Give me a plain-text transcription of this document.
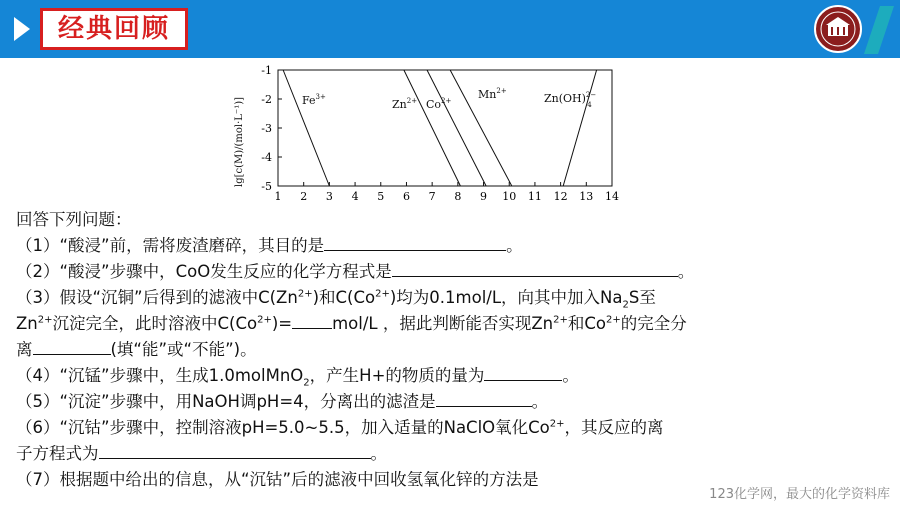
经典回顾
lg[c(M)/(mol·L⁻¹)]
-1
-2
-3
-4
-5
1 2 3 4 5 6 7 8 9 10 11 12 13 14
$Fe^{3+}$
$Zn^{2+}$ $Co^{2+}$ $Mn^{2+}$
Zn(OH)$^{2-}$ 4
回答下列问题：
（1）“酸浸”前，需将废渣磨碎，其目的是	。
（2）“酸浸”步骤中，CoO发生反应的化学方程式是	。
（3）假设“沉铜”后得到的滤液中$C(Zn^{2+})$和$C(Co^{2+})$均为0.1mol/L，向其中加入$Na_2S$至
$Zn^{2+}$沉淀完全，此时溶液中$C(Co^{2+})= mol/L$ ，据此判断能否实现$Zn^{2+}$和$Co^{2+}$的完全分
离	(填“能”或“不能”)。
（4）“沉锰”步骤中，生成1.0molMnO$_2$，产生H+的物质的量为	。
（5）“沉淀”步骤中，用NaOH调pH=4，分离出的滤渣是	。
（6）“沉钴”步骤中，控制溶液pH=5.0~5.5，加入适量的NaClO氧化$Co^{2+}$，其反应的离
子方程式为	。
（7）根据题中给出的信息，从“沉钴”后的滤液中回收氢氧化锌的方法是
123化学网，最大的化学资料库
